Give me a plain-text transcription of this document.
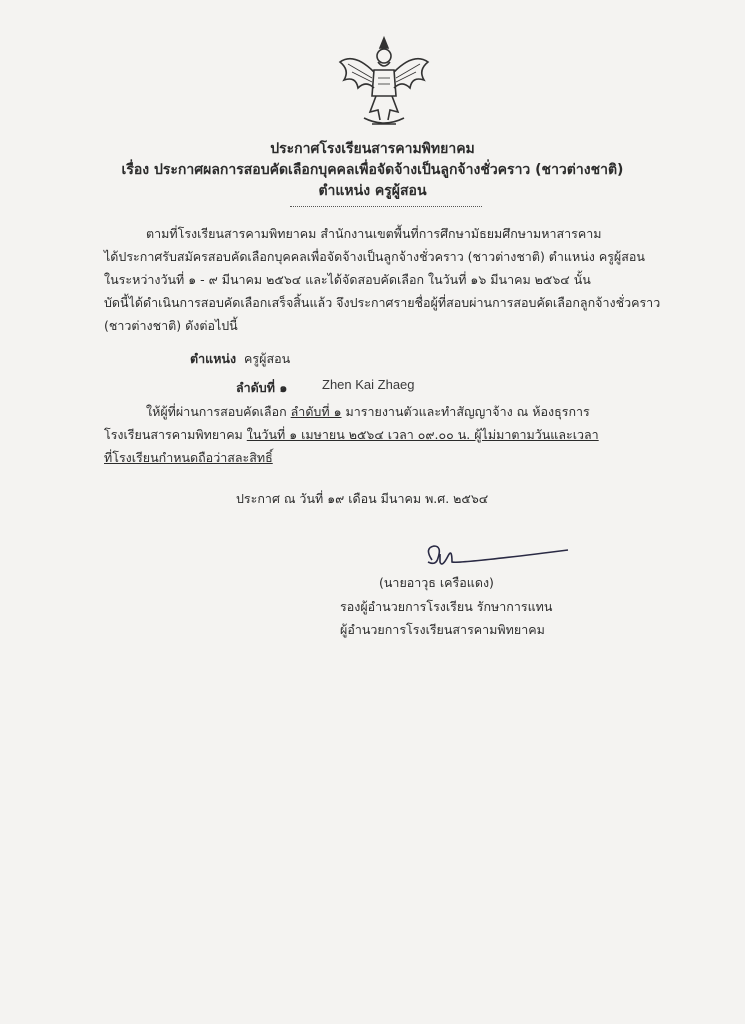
ประกาศโรงเรียนสารคามพิทยาคม
เรื่อง ประกาศผลการสอบคัดเลือกบุคคลเพื่อจัดจ้างเป็นลูกจ้างชั่วคราว (ชาวต่างชาติ)
ตำแหน่ง ครูผู้สอน
ตามที่โรงเรียนสารคามพิทยาคม สำนักงานเขตพื้นที่การศึกษามัธยมศึกษามหาสารคาม
ได้ประกาศรับสมัครสอบคัดเลือกบุคคลเพื่อจัดจ้างเป็นลูกจ้างชั่วคราว (ชาวต่างชาติ) ตำแหน่ง ครูผู้สอน
ในระหว่างวันที่ ๑ - ๙ มีนาคม ๒๕๖๔ และได้จัดสอบคัดเลือก ในวันที่ ๑๖ มีนาคม ๒๕๖๔ นั้น
บัดนี้ได้ดำเนินการสอบคัดเลือกเสร็จสิ้นแล้ว จึงประกาศรายชื่อผู้ที่สอบผ่านการสอบคัดเลือกลูกจ้างชั่วคราว
(ชาวต่างชาติ) ดังต่อไปนี้
ตำแหน่ง ครูผู้สอน
ลำดับที่ ๑	Zhen Kai Zhaeg
ให้ผู้ที่ผ่านการสอบคัดเลือก ลำดับที่ ๑ มารายงานตัวและทำสัญญาจ้าง ณ ห้องธุรการ
โรงเรียนสารคามพิทยาคม ในวันที่ ๑ เมษายน ๒๕๖๔ เวลา ๐๙.๐๐ น. ผู้ไม่มาตามวันและเวลา
ที่โรงเรียนกำหนดถือว่าสละสิทธิ์
ประกาศ ณ วันที่ ๑๙ เดือน มีนาคม พ.ศ. ๒๕๖๔
(นายอาวุธ เครือแดง)
รองผู้อำนวยการโรงเรียน รักษาการแทน
ผู้อำนวยการโรงเรียนสารคามพิทยาคม
